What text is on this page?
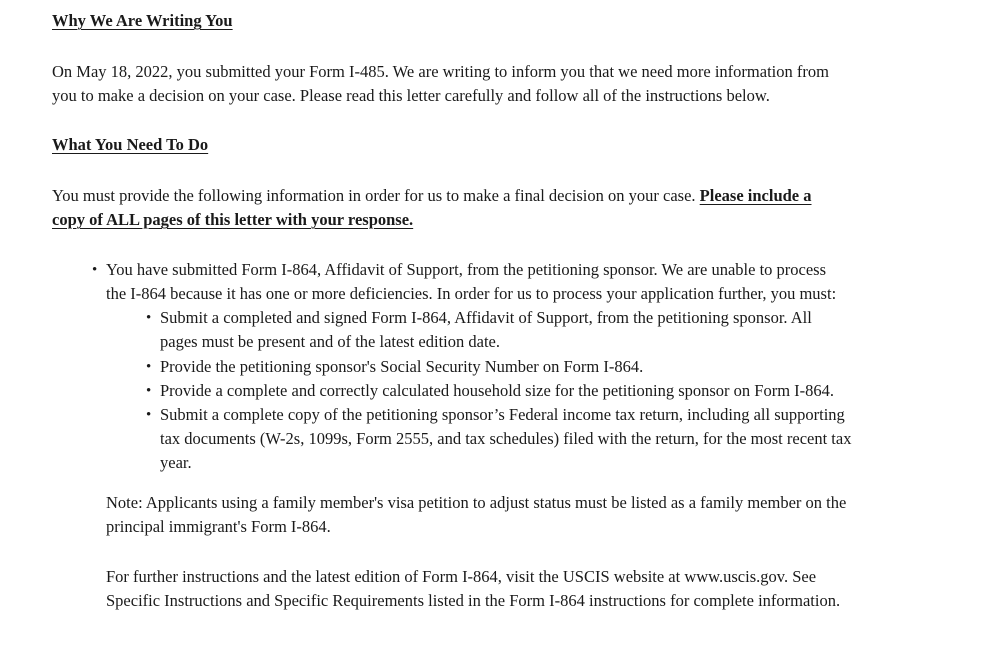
Why We Are Writing You

On May 18, 2022, you submitted your Form I-485. We are writing to inform you that we need more information from
you to make a decision on your case. Please read this letter carefully and follow all of the instructions below.

What You Need To Do

You must provide the following information in order for us to make a final decision on your case. Please include a
copy of ALL pages of this letter with your response.

• You have submitted Form I-864, Affidavit of Support, from the petitioning sponsor. We are unable to process
the I-864 because it has one or more deficiencies. In order for us to process your application further, you must:
• Submit a completed and signed Form I-864, Affidavit of Support, from the petitioning sponsor. All
pages must be present and of the latest edition date.
• Provide the petitioning sponsor's Social Security Number on Form I-864.
• Provide a complete and correctly calculated household size for the petitioning sponsor on Form I-864.
• Submit a complete copy of the petitioning sponsor’s Federal income tax return, including all supporting
tax documents (W-2s, 1099s, Form 2555, and tax schedules) filed with the return, for the most recent tax
year.

Note: Applicants using a family member's visa petition to adjust status must be listed as a family member on the
principal immigrant's Form I-864.

For further instructions and the latest edition of Form I-864, visit the USCIS website at www.uscis.gov. See
Specific Instructions and Specific Requirements listed in the Form I-864 instructions for complete information.
